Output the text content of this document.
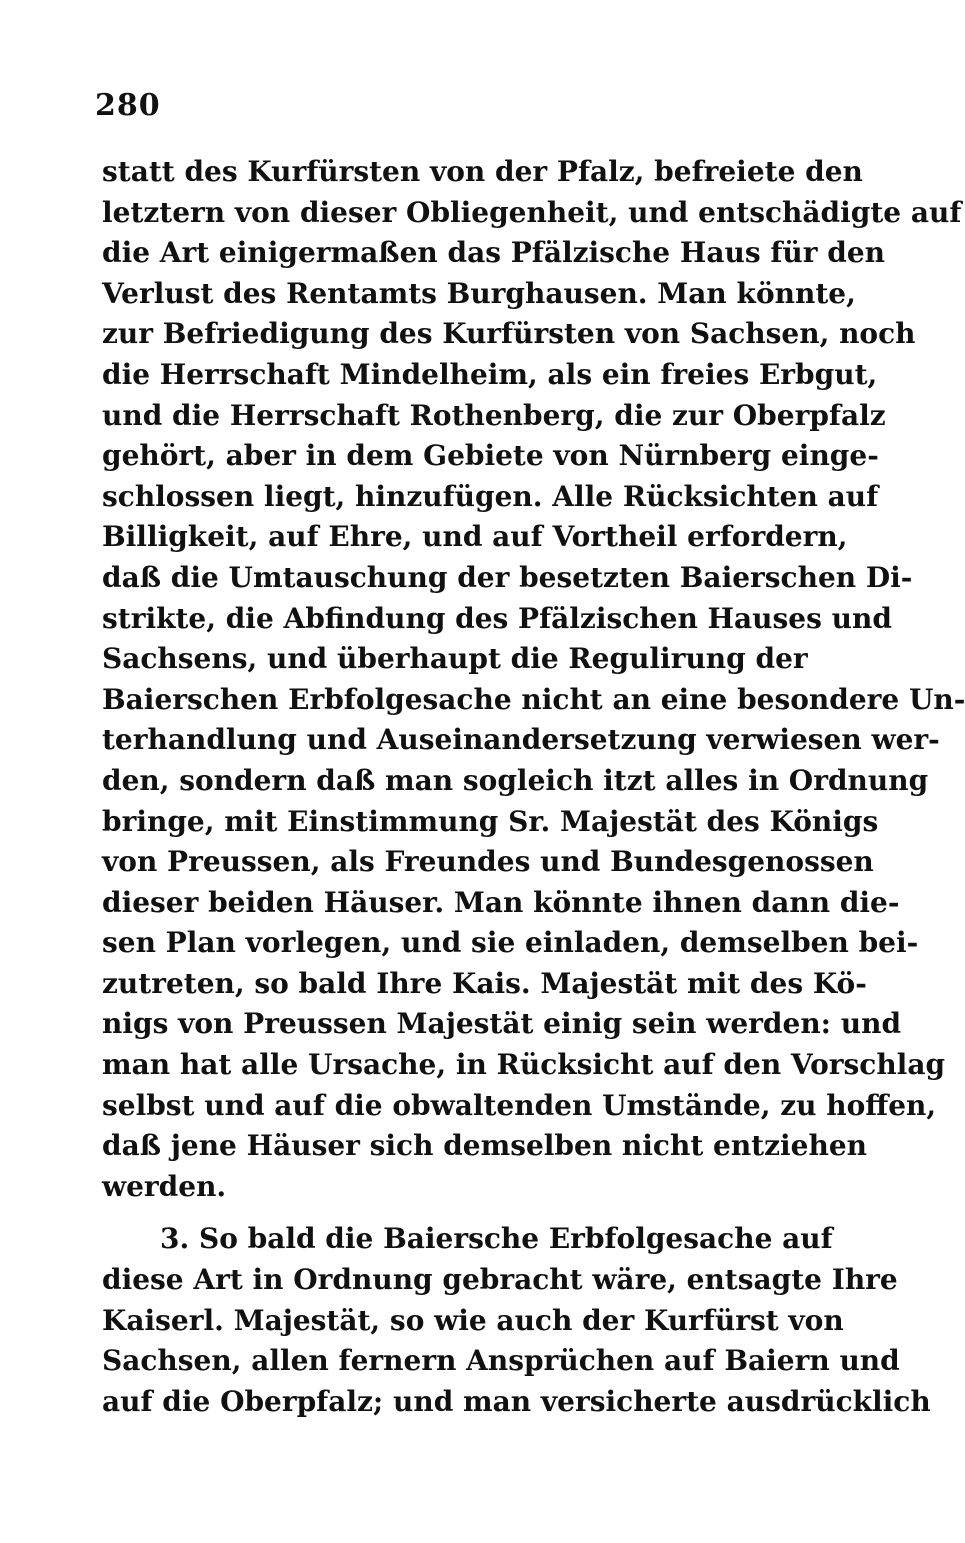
280
statt des Kurfürsten von der Pfalz, befreiete den
letztern von dieser Obliegenheit, und entschädigte auf
die Art einigermaßen das Pfälzische Haus für den
Verlust des Rentamts Burghausen. Man könnte,
zur Befriedigung des Kurfürsten von Sachsen, noch
die Herrschaft Mindelheim, als ein freies Erbgut,
und die Herrschaft Rothenberg, die zur Oberpfalz
gehört, aber in dem Gebiete von Nürnberg einge-
schlossen liegt, hinzufügen. Alle Rücksichten auf
Billigkeit, auf Ehre, und auf Vortheil erfordern,
daß die Umtauschung der besetzten Baierschen Di-
strikte, die Abfindung des Pfälzischen Hauses und
Sachsens, und überhaupt die Regulirung der
Baierschen Erbfolgesache nicht an eine besondere Un-
terhandlung und Auseinandersetzung verwiesen wer-
den, sondern daß man sogleich itzt alles in Ordnung
bringe, mit Einstimmung Sr. Majestät des Königs
von Preussen, als Freundes und Bundesgenossen
dieser beiden Häuser. Man könnte ihnen dann die-
sen Plan vorlegen, und sie einladen, demselben bei-
zutreten, so bald Ihre Kais. Majestät mit des Kö-
nigs von Preussen Majestät einig sein werden: und
man hat alle Ursache, in Rücksicht auf den Vorschlag
selbst und auf die obwaltenden Umstände, zu hoffen,
daß jene Häuser sich demselben nicht entziehen
werden.
3. So bald die Baiersche Erbfolgesache auf
diese Art in Ordnung gebracht wäre, entsagte Ihre
Kaiserl. Majestät, so wie auch der Kurfürst von
Sachsen, allen fernern Ansprüchen auf Baiern und
auf die Oberpfalz; und man versicherte ausdrücklich
